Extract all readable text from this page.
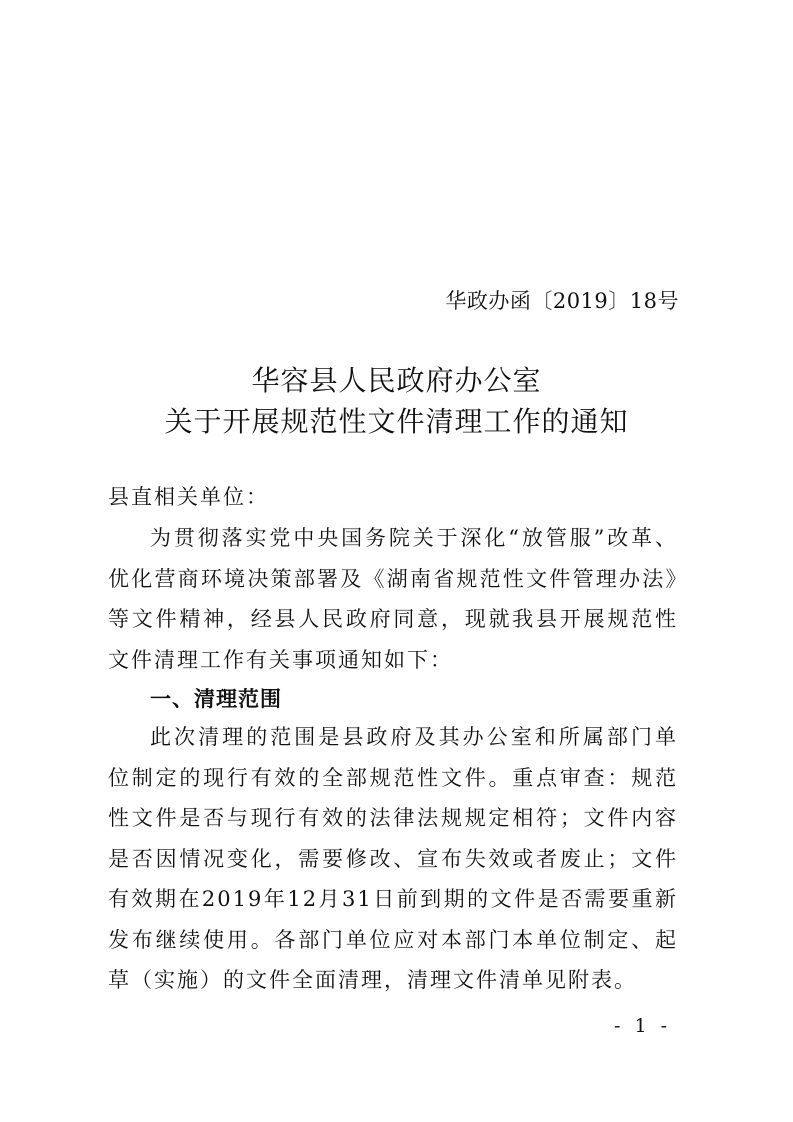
华政办函〔2019〕18号
华容县人民政府办公室
关于开展规范性文件清理工作的通知
县直相关单位：
为贯彻落实党中央国务院关于深化“放管服”改革、优化营商环境决策部署及《湖南省规范性文件管理办法》等文件精神，经县人民政府同意，现就我县开展规范性文件清理工作有关事项通知如下：
一、清理范围
此次清理的范围是县政府及其办公室和所属部门单位制定的现行有效的全部规范性文件。重点审查：规范性文件是否与现行有效的法律法规规定相符；文件内容是否因情况变化，需要修改、宣布失效或者废止；文件有效期在2019年12月31日前到期的文件是否需要重新发布继续使用。各部门单位应对本部门本单位制定、起草（实施）的文件全面清理，清理文件清单见附表。
- 1 -
